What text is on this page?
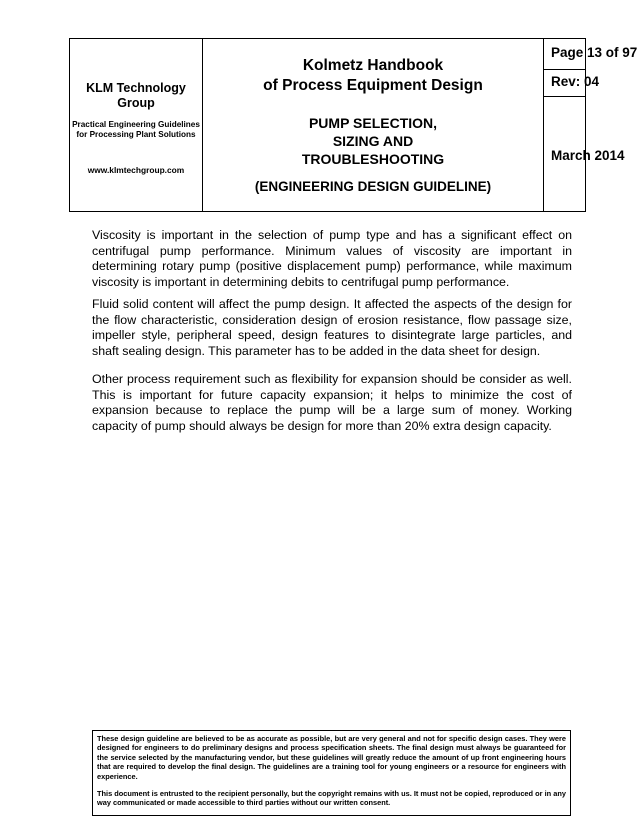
KLM Technology Group
Practical Engineering Guidelines for Processing Plant Solutions
www.klmtechgroup.com
Kolmetz Handbook
of Process Equipment Design
PUMP SELECTION,
SIZING AND
TROUBLESHOOTING
(ENGINEERING DESIGN GUIDELINE)
Page 13 of 97
Rev: 04
March 2014
Viscosity is important in the selection of pump type and has a significant effect on centrifugal pump performance. Minimum values of viscosity are important in determining rotary pump (positive displacement pump) performance, while maximum viscosity is important in determining debits to centrifugal pump performance.
Fluid solid content will affect the pump design. It affected the aspects of the design for the flow characteristic, consideration design of erosion resistance, flow passage size, impeller style, peripheral speed, design features to disintegrate large particles, and shaft sealing design. This parameter has to be added in the data sheet for design.
Other process requirement such as flexibility for expansion should be consider as well. This is important for future capacity expansion; it helps to minimize the cost of expansion because to replace the pump will be a large sum of money. Working capacity of pump should always be design for more than 20% extra design capacity.

These design guideline are believed to be as accurate as possible, but are very general and not for specific design cases. They were designed for engineers to do preliminary designs and process specification sheets. The final design must always be guaranteed for the service selected by the manufacturing vendor, but these guidelines will greatly reduce the amount of up front engineering hours that are required to develop the final design. The guidelines are a training tool for young engineers or a resource for engineers with experience.

This document is entrusted to the recipient personally, but the copyright remains with us. It must not be copied, reproduced or in any way communicated or made accessible to third parties without our written consent.
